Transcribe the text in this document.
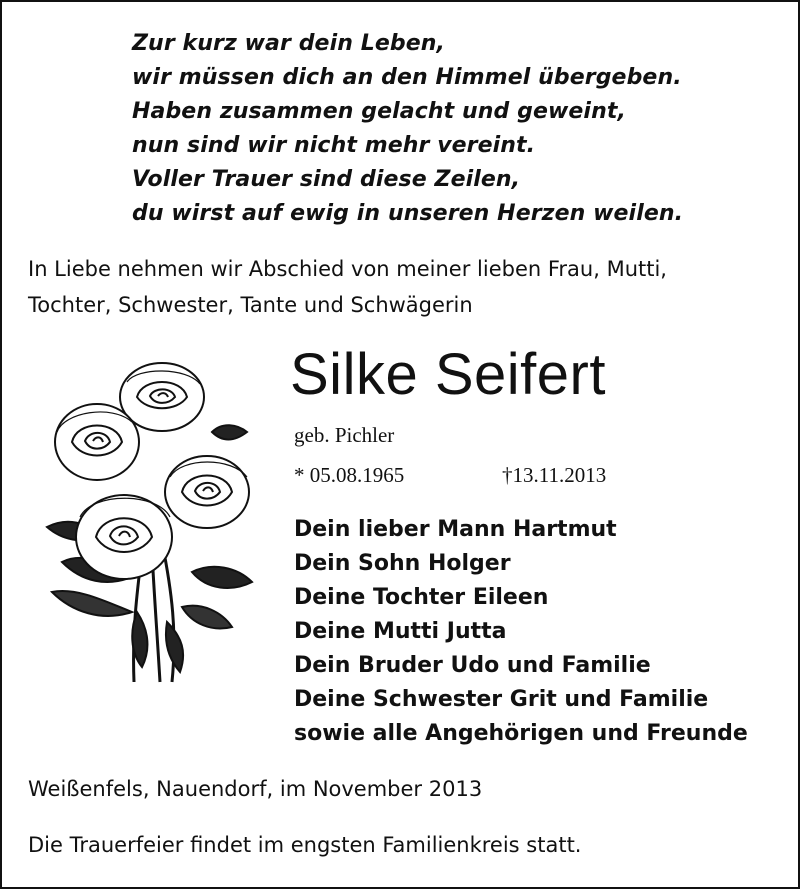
Zur kurz war dein Leben,
wir müssen dich an den Himmel übergeben.
Haben zusammen gelacht und geweint,
nun sind wir nicht mehr vereint.
Voller Trauer sind diese Zeilen,
du wirst auf ewig in unseren Herzen weilen.
In Liebe nehmen wir Abschied von meiner lieben Frau, Mutti,
Tochter, Schwester, Tante und Schwägerin
Silke Seifert
geb. Pichler
* 05.08.1965	†13.11.2013
Dein lieber Mann Hartmut
Dein Sohn Holger
Deine Tochter Eileen
Deine Mutti Jutta
Dein Bruder Udo und Familie
Deine Schwester Grit und Familie
sowie alle Angehörigen und Freunde
Weißenfels, Nauendorf, im November 2013
Die Trauerfeier findet im engsten Familienkreis statt.
